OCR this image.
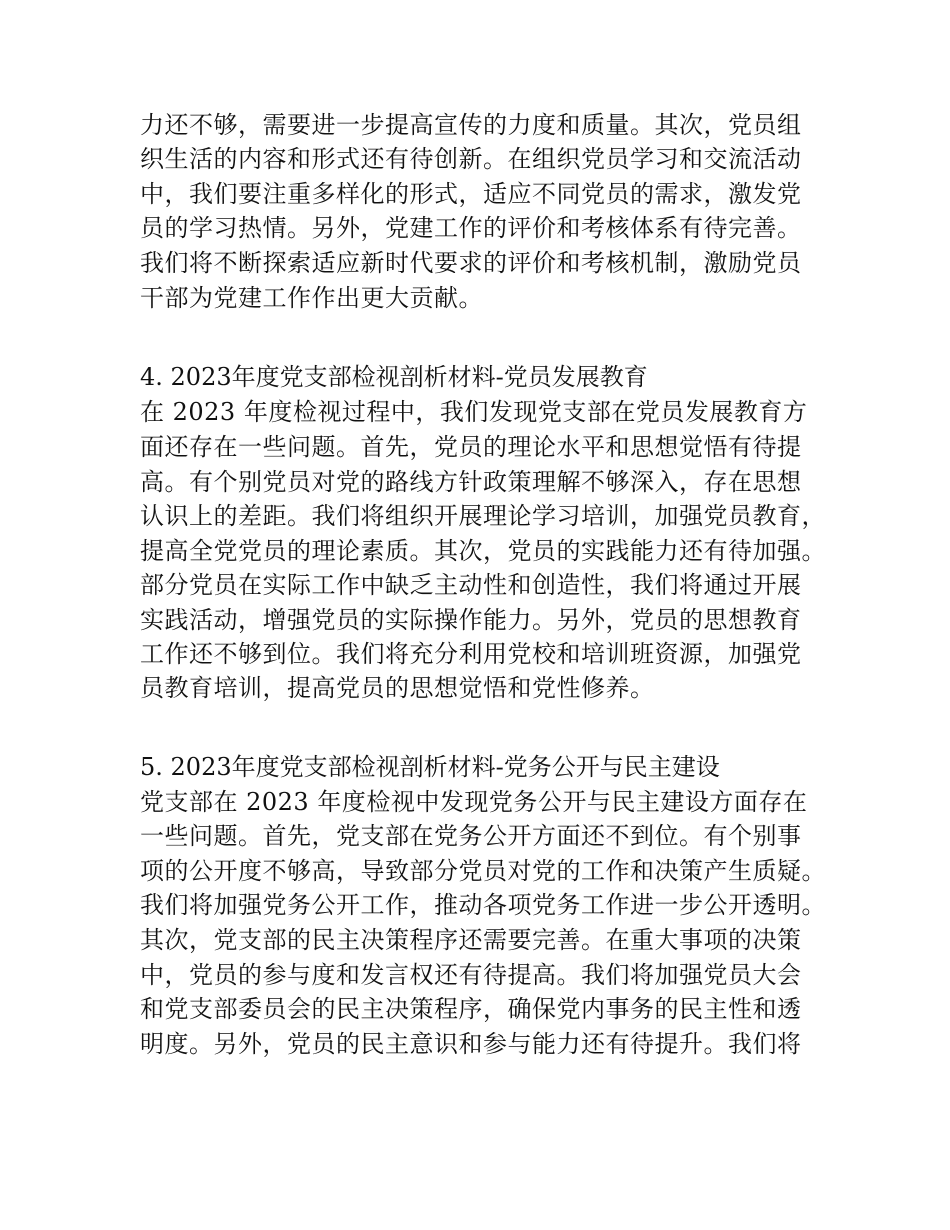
力还不够，需要进一步提高宣传的力度和质量。其次，党员组
织生活的内容和形式还有待创新。在组织党员学习和交流活动
中，我们要注重多样化的形式，适应不同党员的需求，激发党
员的学习热情。另外，党建工作的评价和考核体系有待完善。
我们将不断探索适应新时代要求的评价和考核机制，激励党员
干部为党建工作作出更大贡献。
4. 2023年度党支部检视剖析材料-党员发展教育
在 2023 年度检视过程中，我们发现党支部在党员发展教育方
面还存在一些问题。首先，党员的理论水平和思想觉悟有待提
高。有个别党员对党的路线方针政策理解不够深入，存在思想
认识上的差距。我们将组织开展理论学习培训，加强党员教育，
提高全党党员的理论素质。其次，党员的实践能力还有待加强。
部分党员在实际工作中缺乏主动性和创造性，我们将通过开展
实践活动，增强党员的实际操作能力。另外，党员的思想教育
工作还不够到位。我们将充分利用党校和培训班资源，加强党
员教育培训，提高党员的思想觉悟和党性修养。
5. 2023年度党支部检视剖析材料-党务公开与民主建设
党支部在 2023 年度检视中发现党务公开与民主建设方面存在
一些问题。首先，党支部在党务公开方面还不到位。有个别事
项的公开度不够高，导致部分党员对党的工作和决策产生质疑。
我们将加强党务公开工作，推动各项党务工作进一步公开透明。
其次，党支部的民主决策程序还需要完善。在重大事项的决策
中，党员的参与度和发言权还有待提高。我们将加强党员大会
和党支部委员会的民主决策程序，确保党内事务的民主性和透
明度。另外，党员的民主意识和参与能力还有待提升。我们将
